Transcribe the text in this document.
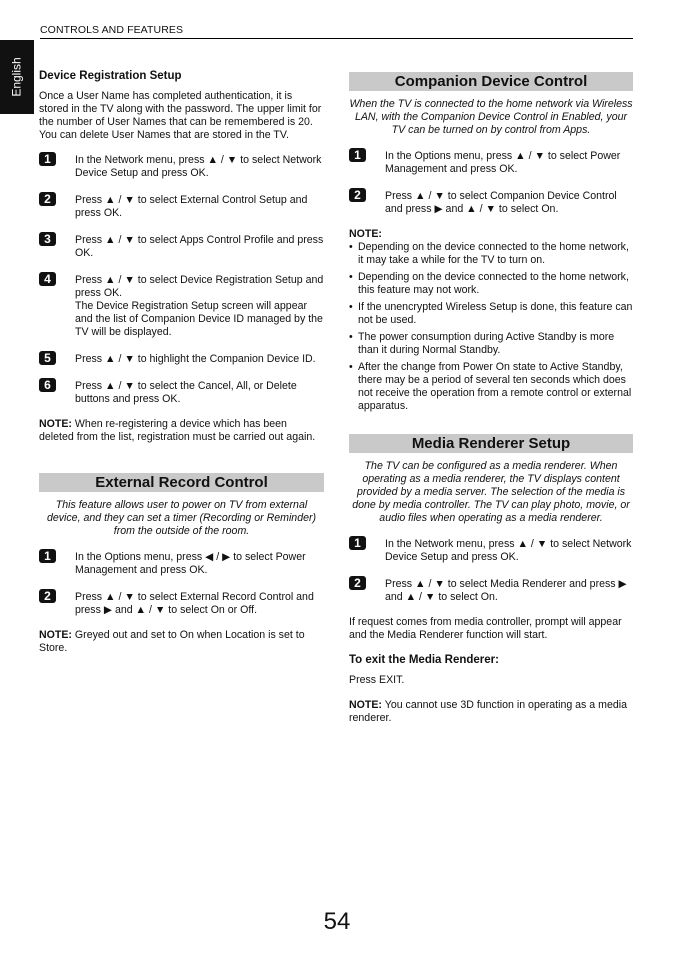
CONTROLS AND FEATURES
English Device Registration Setup

Once a User Name has completed authentication, it is stored in the TV along with the password. The upper limit for the number of User Names that can be remembered is 20. You can delete User Names that are stored in the TV.

1	In the Network menu, press ▲ / ▼ to select Network Device Setup and press OK.

2	Press ▲ / ▼ to select External Control Setup and press OK.

3	Press ▲ / ▼ to select Apps Control Profile and press OK.

4	Press ▲ / ▼ to select Device Registration Setup and press OK.

The Device Registration Setup screen will appear and the list of Companion Device ID managed by the TV will be displayed.

5	Press ▲ / ▼ to highlight the Companion Device ID.

6	Press ▲ / ▼ to select the Cancel, All, or Delete buttons and press OK.

NOTE: When re-registering a device which has been deleted from the list, registration must be carried out again.

External Record Control

This feature allows user to power on TV from external device, and they can set a timer (Recording or Reminder) from the outside of the room.

1	In the Options menu, press ◀ / ▶ to select Power Management and press OK.

2	Press ▲ / ▼ to select External Record Control and press ▶ and ▲ / ▼ to select On or Off.

NOTE: Greyed out and set to On when Location is set to Store.

Companion Device Control

When the TV is connected to the home network via Wireless LAN, with the Companion Device Control in Enabled, your TV can be turned on by control from Apps.

1	In the Options menu, press ▲ / ▼ to select Power Management and press OK.

2	Press ▲ / ▼ to select Companion Device Control and press ▶ and ▲ / ▼ to select On.

NOTE:

• Depending on the device connected to the home network, it may take a while for the TV to turn on.
• Depending on the device connected to the home network, this feature may not work.
• If the unencrypted Wireless Setup is done, this feature can not be used.
• The power consumption during Active Standby is more than it during Normal Standby.
• After the change from Power On state to Active Standby, there may be a period of several ten seconds which does not receive the operation from a remote control or external apparatus.
Media Renderer Setup

The TV can be configured as a media renderer. When operating as a media renderer, the TV displays content provided by a media server. The selection of the media is done by media controller. The TV can play photo, movie, or audio files when operating as a media renderer.

1	In the Network menu, press ▲ / ▼ to select Network Device Setup and press OK.

2	Press ▲ / ▼ to select Media Renderer and press ▶ and ▲ / ▼ to select On.

If request comes from media controller, prompt will appear and the Media Renderer function will start.

To exit the Media Renderer:

Press EXIT.

NOTE: You cannot use 3D function in operating as a media renderer.

54
